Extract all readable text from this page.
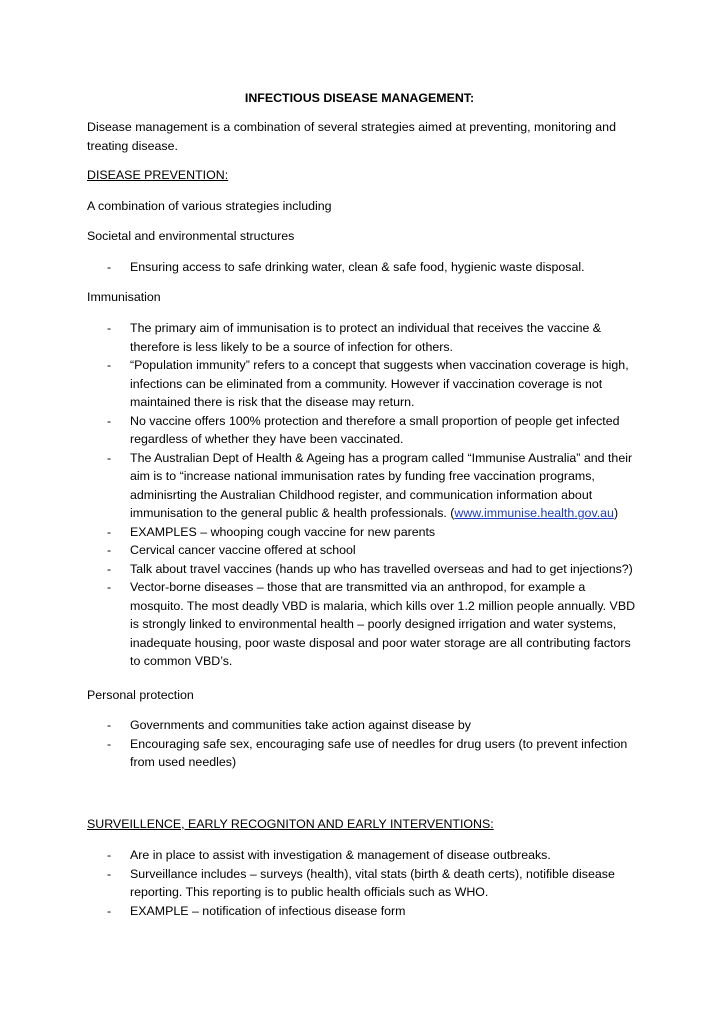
INFECTIOUS DISEASE MANAGEMENT:

Disease management is a combination of several strategies aimed at preventing, monitoring and
treating disease.

DISEASE PREVENTION:

A combination of various strategies including

Societal and environmental structures

- Ensuring access to safe drinking water, clean & safe food, hygienic waste disposal.

Immunisation

- The primary aim of immunisation is to protect an individual that receives the vaccine &
therefore is less likely to be a source of infection for others.
- “Population immunity” refers to a concept that suggests when vaccination coverage is high,
infections can be eliminated from a community. However if vaccination coverage is not
maintained there is risk that the disease may return.
- No vaccine offers 100% protection and therefore a small proportion of people get infected
regardless of whether they have been vaccinated.
- The Australian Dept of Health & Ageing has a program called “Immunise Australia” and their
aim is to “increase national immunisation rates by funding free vaccination programs,
adminisrting the Australian Childhood register, and communication information about
immunisation to the general public & health professionals. (www.immunise.health.gov.au)
- EXAMPLES – whooping cough vaccine for new parents
- Cervical cancer vaccine offered at school
- Talk about travel vaccines (hands up who has travelled overseas and had to get injections?)
- Vector-borne diseases – those that are transmitted via an anthropod, for example a
mosquito. The most deadly VBD is malaria, which kills over 1.2 million people annually. VBD
is strongly linked to environmental health – poorly designed irrigation and water systems,
inadequate housing, poor waste disposal and poor water storage are all contributing factors
to common VBD’s.

Personal protection

- Governments and communities take action against disease by
- Encouraging safe sex, encouraging safe use of needles for drug users (to prevent infection
from used needles)

SURVEILLENCE, EARLY RECOGNITON AND EARLY INTERVENTIONS:

- Are in place to assist with investigation & management of disease outbreaks.
- Surveillance includes – surveys (health), vital stats (birth & death certs), notifible disease
reporting. This reporting is to public health officials such as WHO.
- EXAMPLE – notification of infectious disease form
